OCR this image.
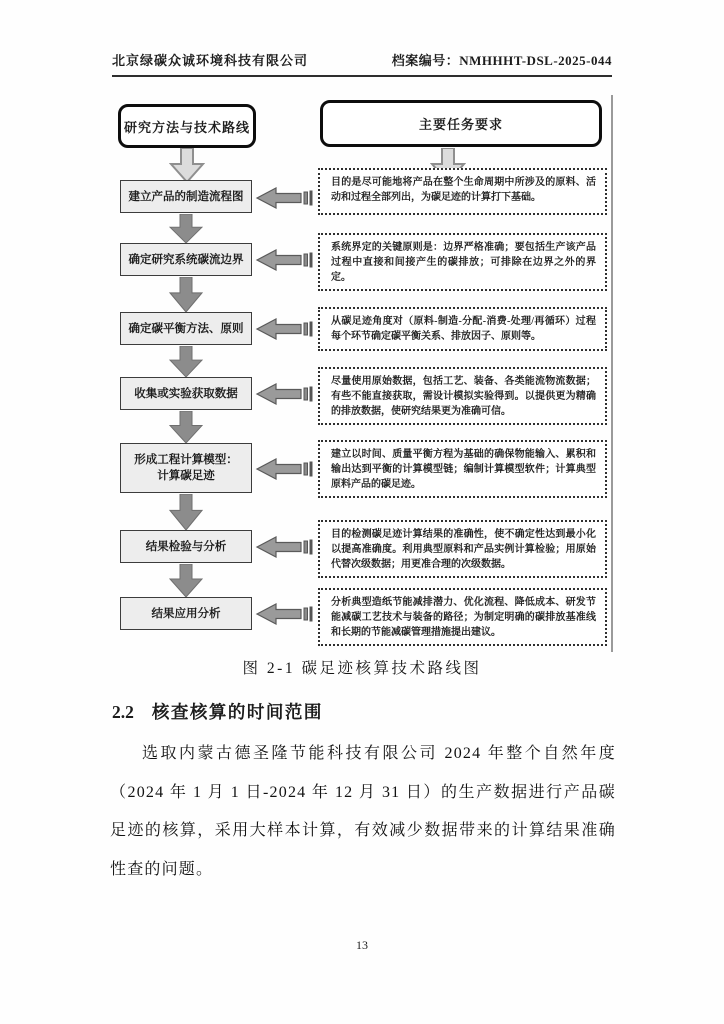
北京绿碳众诚环境科技有限公司	档案编号：NMHHHT-DSL-2025-044
研究方法与技术路线	主要任务要求
建立产品的制造流程图
目的是尽可能地将产品在整个生命周期中所涉及的原料、活动和过程全部列出，为碳足迹的计算打下基础。
确定研究系统碳流边界
系统界定的关键原则是：边界严格准确；要包括生产该产品过程中直接和间接产生的碳排放；可排除在边界之外的界定。
确定碳平衡方法、原则
从碳足迹角度对（原料-制造-分配-消费-处理/再循环）过程每个环节确定碳平衡关系、排放因子、原则等。
收集或实验获取数据
尽量使用原始数据，包括工艺、装备、各类能流物流数据；有些不能直接获取，需设计模拟实验得到。以提供更为精确的排放数据，使研究结果更为准确可信。
形成工程计算模型：
计算碳足迹
建立以时间、质量平衡方程为基础的确保物能输入、累积和输出达到平衡的计算模型链；编制计算模型软件；计算典型原料产品的碳足迹。
结果检验与分析
目的检测碳足迹计算结果的准确性，使不确定性达到最小化以提高准确度。利用典型原料和产品实例计算检验；用原始代替次级数据；用更准合理的次级数据。
结果应用分析
分析典型造纸节能减排潜力、优化流程、降低成本、研发节能减碳工艺技术与装备的路径；为制定明确的碳排放基准线和长期的节能减碳管理措施提出建议。
图 2-1 碳足迹核算技术路线图
2.2 核查核算的时间范围
选取内蒙古德圣隆节能科技有限公司 2024 年整个自然年度（2024 年 1 月 1 日-2024 年 12 月 31 日）的生产数据进行产品碳足迹的核算，采用大样本计算，有效减少数据带来的计算结果准确性查的问题。
13
